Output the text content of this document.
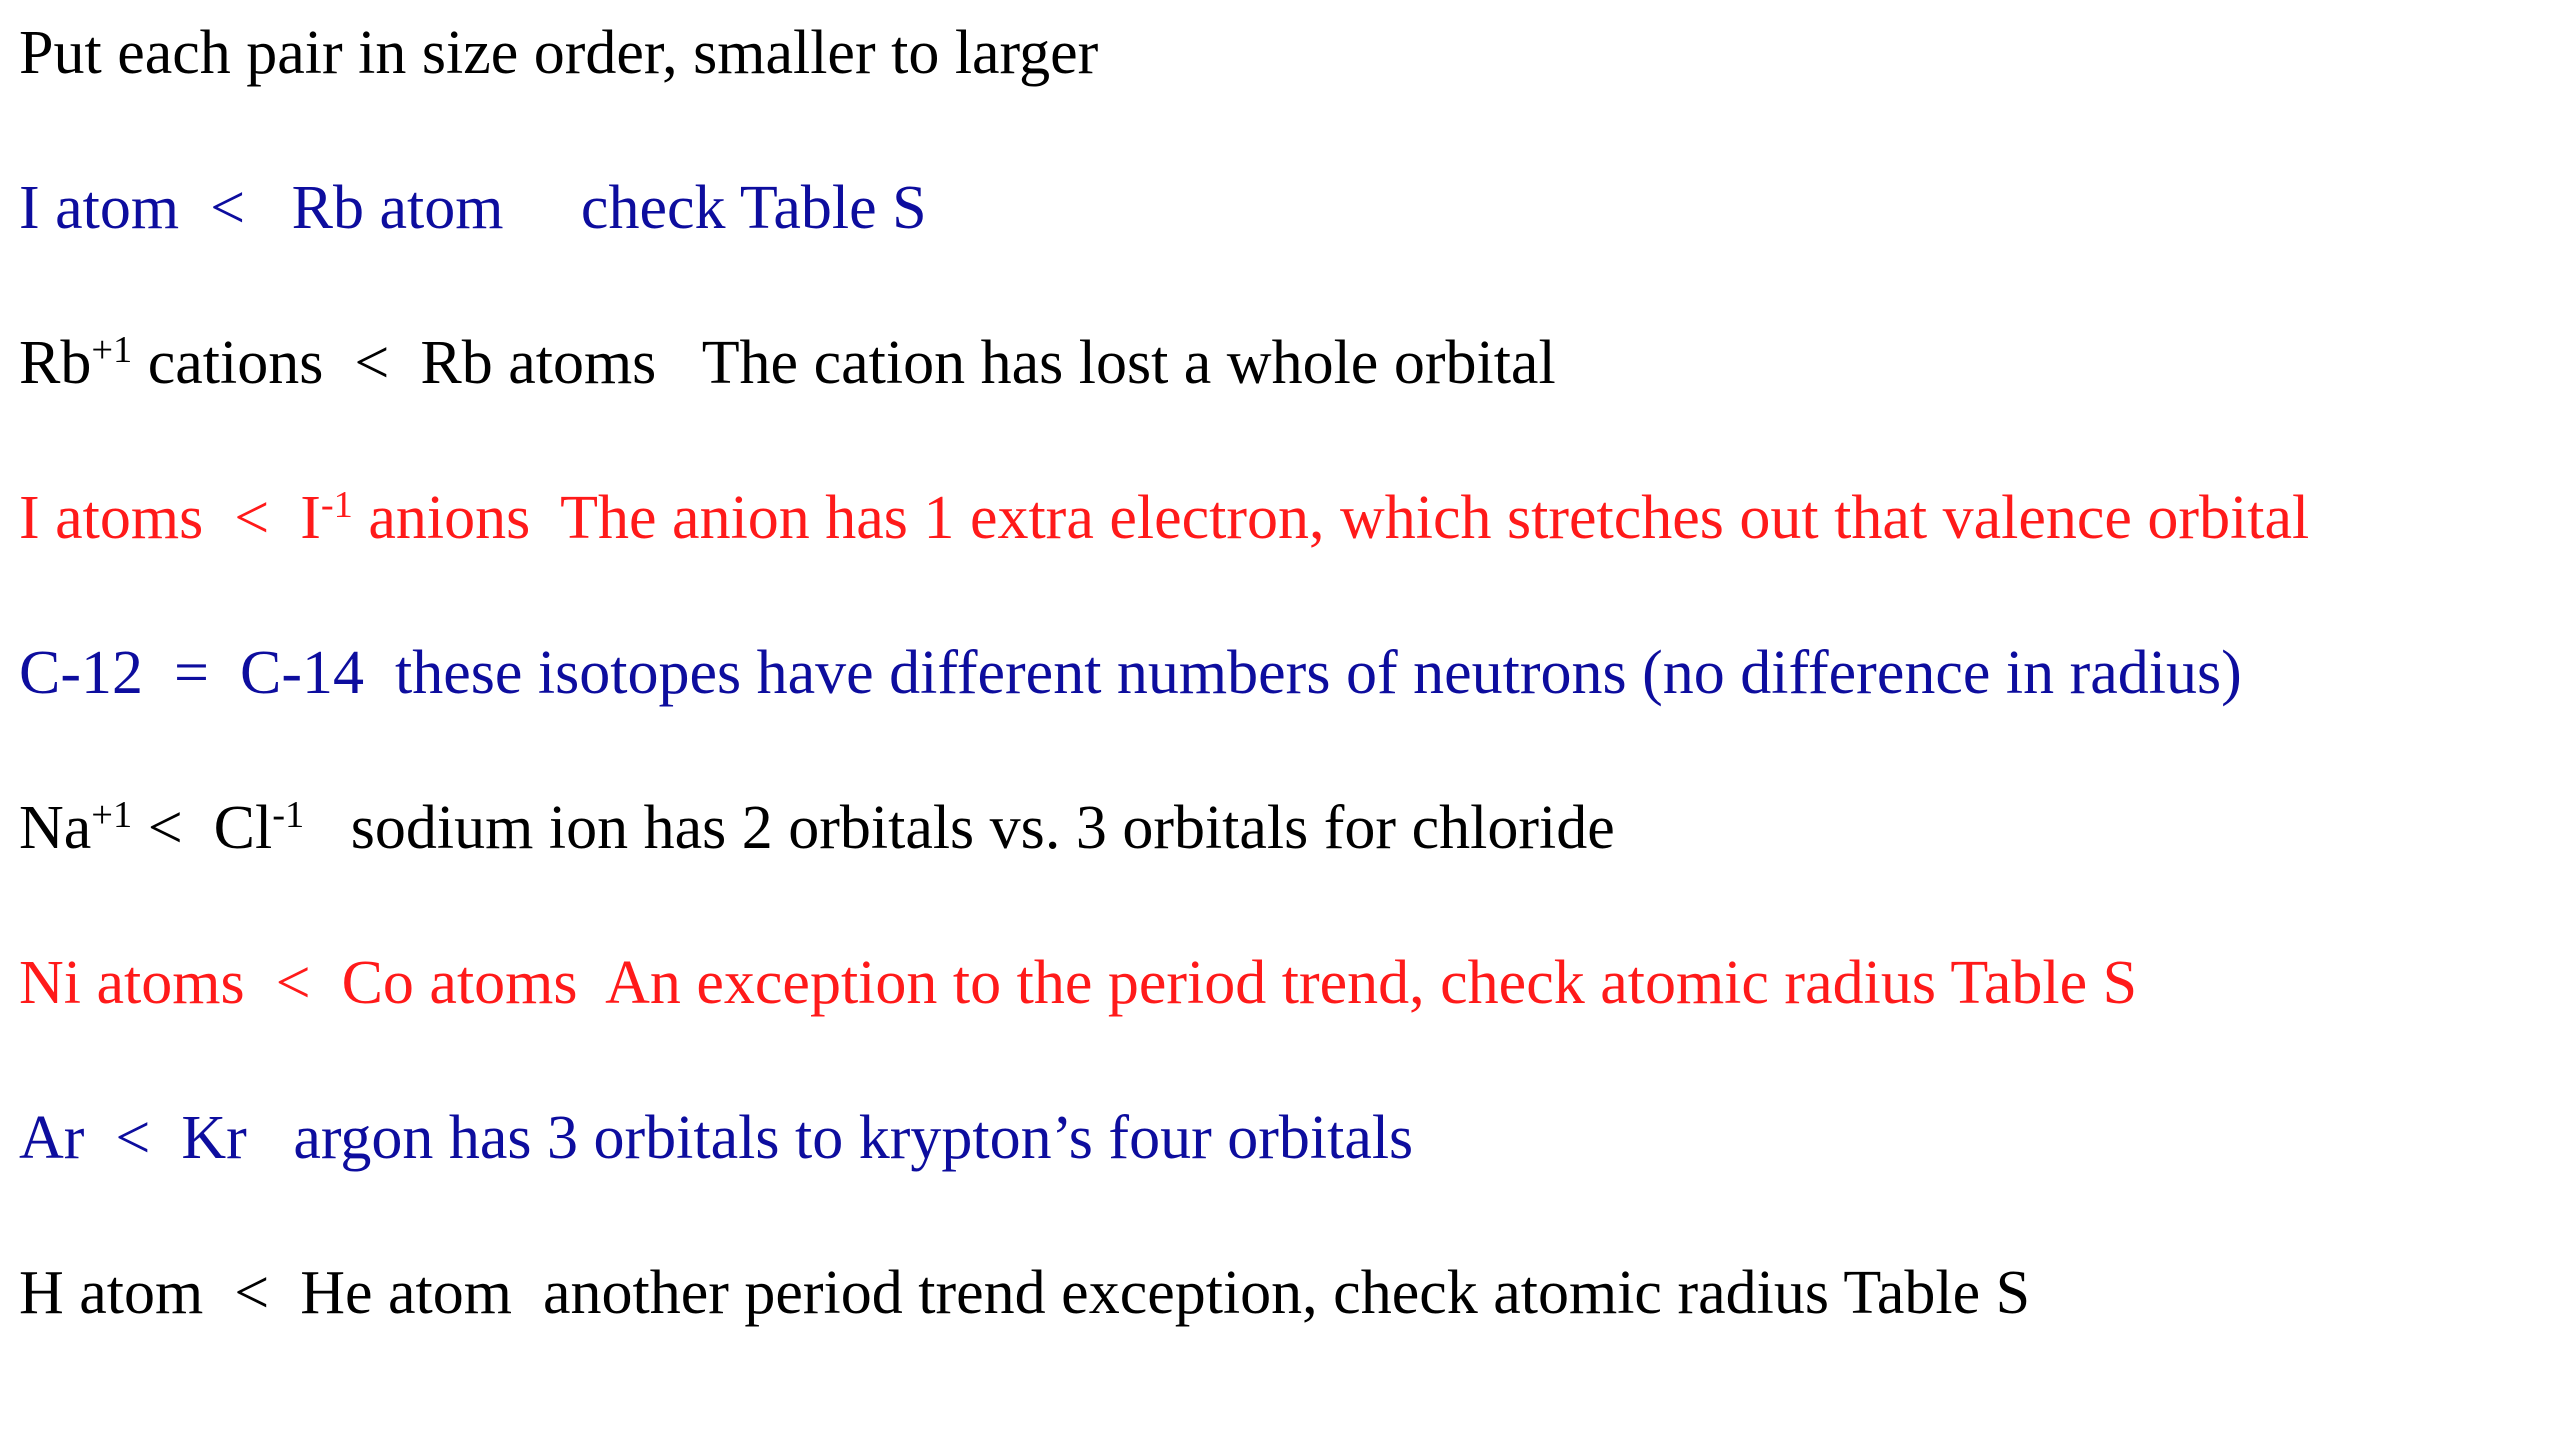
Put each pair in size order, smaller to larger
I atom < Rb atom check Table S
$Rb^{+1}$ cations < Rb atoms The cation has lost a whole orbital
I atoms < $I^{-1}$ anions The anion has 1 extra electron, which stretches out that valence orbital
C-12 = C-14 these isotopes have different numbers of neutrons (no difference in radius)
$Na^{+1} < Cl^{-1}$ sodium ion has 2 orbitals vs. 3 orbitals for chloride
Ni atoms < Co atoms An exception to the period trend, check atomic radius Table S
Ar < Kr argon has 3 orbitals to krypton’s four orbitals
H atom < He atom another period trend exception, check atomic radius Table S
